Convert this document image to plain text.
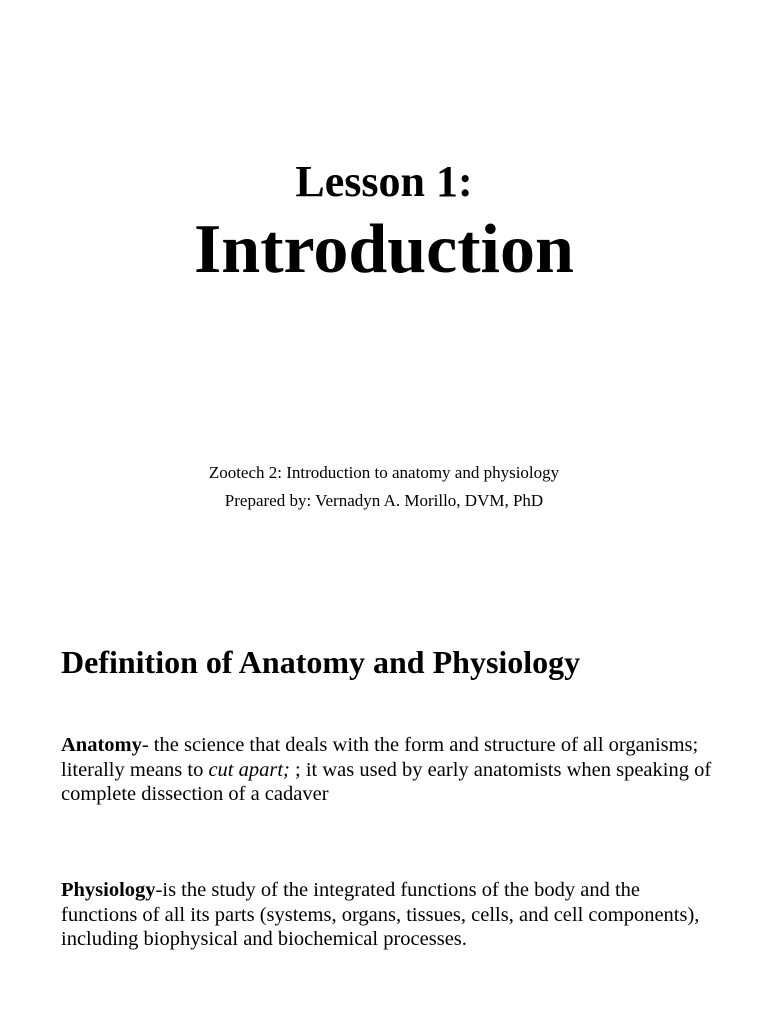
Lesson 1:
Introduction
Zootech 2: Introduction to anatomy and physiology
Prepared by: Vernadyn A. Morillo, DVM, PhD
Definition of Anatomy and Physiology

Anatomy- the science that deals with the form and structure of all organisms; literally means to cut apart; ; it was used by early anatomists when speaking of complete dissection of a cadaver

Physiology-is the study of the integrated functions of the body and the functions of all its parts (systems, organs, tissues, cells, and cell components), including biophysical and biochemical processes.
